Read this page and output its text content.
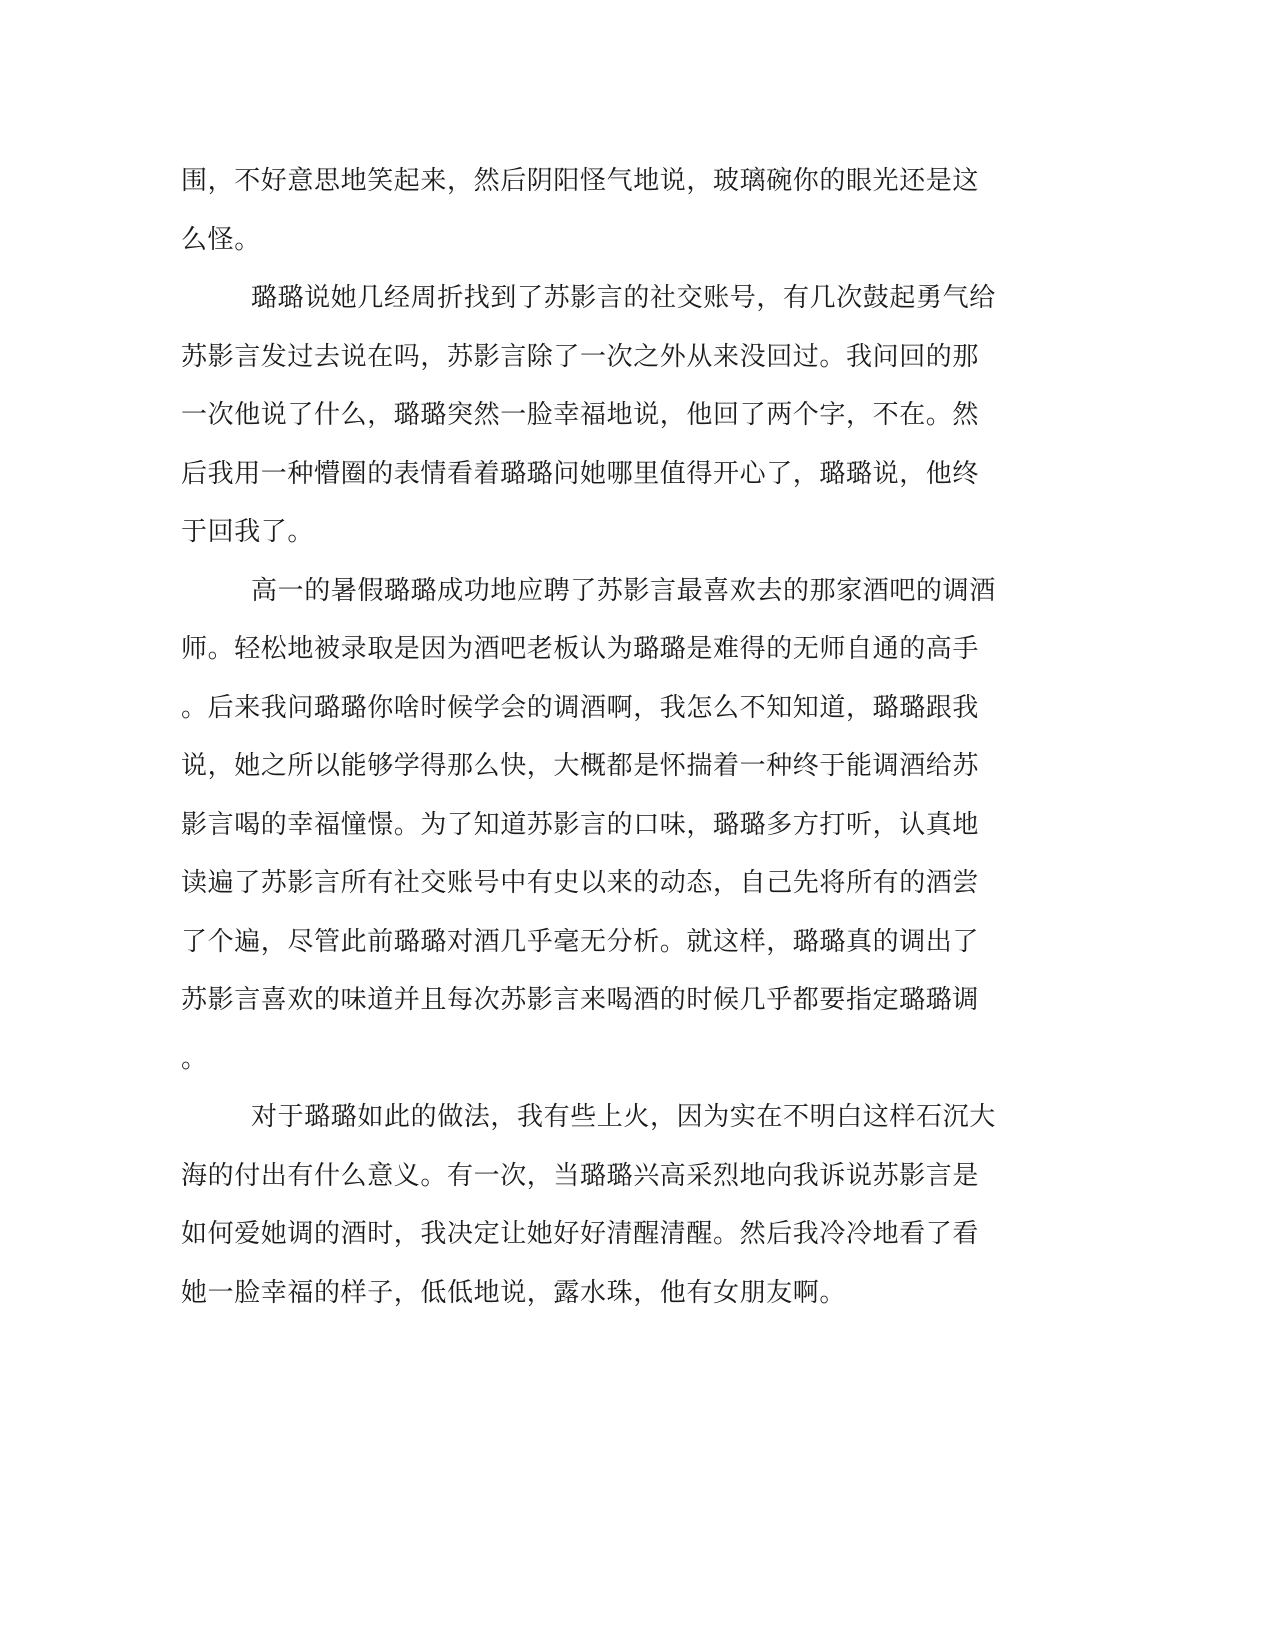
围，不好意思地笑起来，然后阴阳怪气地说，玻璃碗你的眼光还是这
么怪。
璐璐说她几经周折找到了苏影言的社交账号，有几次鼓起勇气给
苏影言发过去说在吗，苏影言除了一次之外从来没回过。我问回的那
一次他说了什么，璐璐突然一脸幸福地说，他回了两个字，不在。然
后我用一种懵圈的表情看着璐璐问她哪里值得开心了，璐璐说，他终
于回我了。
高一的暑假璐璐成功地应聘了苏影言最喜欢去的那家酒吧的调酒
师。轻松地被录取是因为酒吧老板认为璐璐是难得的无师自通的高手
。后来我问璐璐你啥时候学会的调酒啊，我怎么不知知道，璐璐跟我
说，她之所以能够学得那么快，大概都是怀揣着一种终于能调酒给苏
影言喝的幸福憧憬。为了知道苏影言的口味，璐璐多方打听，认真地
读遍了苏影言所有社交账号中有史以来的动态，自己先将所有的酒尝
了个遍，尽管此前璐璐对酒几乎毫无分析。就这样，璐璐真的调出了
苏影言喜欢的味道并且每次苏影言来喝酒的时候几乎都要指定璐璐调
。
对于璐璐如此的做法，我有些上火，因为实在不明白这样石沉大
海的付出有什么意义。有一次，当璐璐兴高采烈地向我诉说苏影言是
如何爱她调的酒时，我决定让她好好清醒清醒。然后我冷冷地看了看
她一脸幸福的样子，低低地说，露水珠，他有女朋友啊。
